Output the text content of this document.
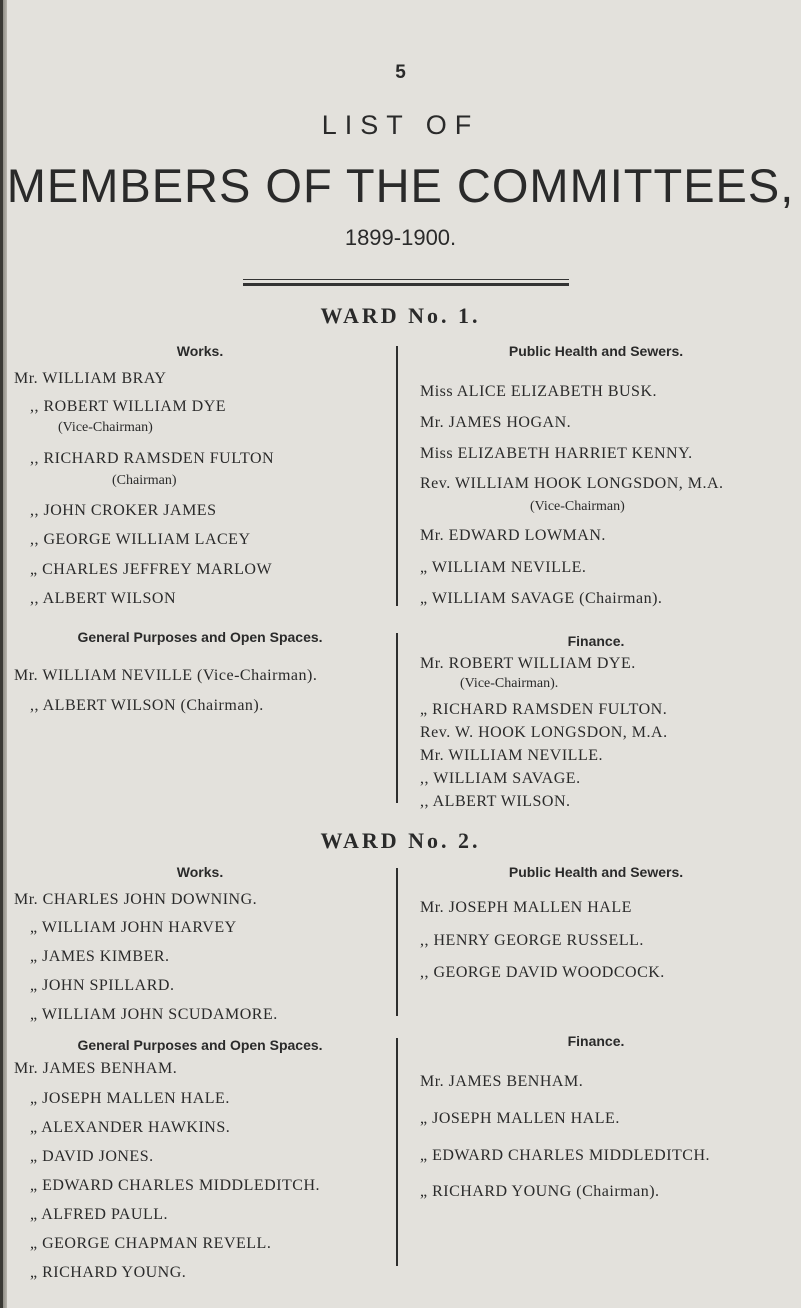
5
LIST OF
MEMBERS OF THE COMMITTEES,
1899-1900.
WARD No. 1.
Works.
Mr. WILLIAM BRAY
,, ROBERT WILLIAM DYE
(Vice-Chairman)
,, RICHARD RAMSDEN FULTON
(Chairman)
,, JOHN CROKER JAMES
,, GEORGE WILLIAM LACEY
„ CHARLES JEFFREY MARLOW
,, ALBERT WILSON
Public Health and Sewers.
Miss ALICE ELIZABETH BUSK.
Mr. JAMES HOGAN.
Miss ELIZABETH HARRIET KENNY.
Rev. WILLIAM HOOK LONGSDON, M.A.
(Vice-Chairman)
Mr. EDWARD LOWMAN.
„ WILLIAM NEVILLE.
„ WILLIAM SAVAGE (Chairman).
General Purposes and Open Spaces.
Mr. WILLIAM NEVILLE (Vice-Chairman).
,, ALBERT WILSON (Chairman).
Finance.
Mr. ROBERT WILLIAM DYE.
(Vice-Chairman).
„ RICHARD RAMSDEN FULTON.
Rev. W. HOOK LONGSDON, M.A.
Mr. WILLIAM NEVILLE.
,, WILLIAM SAVAGE.
,, ALBERT WILSON.
WARD No. 2.
Works.
Mr. CHARLES JOHN DOWNING.
„ WILLIAM JOHN HARVEY
„ JAMES KIMBER.
„ JOHN SPILLARD.
„ WILLIAM JOHN SCUDAMORE.
Public Health and Sewers.
Mr. JOSEPH MALLEN HALE
,, HENRY GEORGE RUSSELL.
,, GEORGE DAVID WOODCOCK.
General Purposes and Open Spaces.
Mr. JAMES BENHAM.
„ JOSEPH MALLEN HALE.
„ ALEXANDER HAWKINS.
„ DAVID JONES.
„ EDWARD CHARLES MIDDLEDITCH.
„ ALFRED PAULL.
„ GEORGE CHAPMAN REVELL.
„ RICHARD YOUNG.
Finance.
Mr. JAMES BENHAM.
„ JOSEPH MALLEN HALE.
„ EDWARD CHARLES MIDDLEDITCH.
„ RICHARD YOUNG (Chairman).
